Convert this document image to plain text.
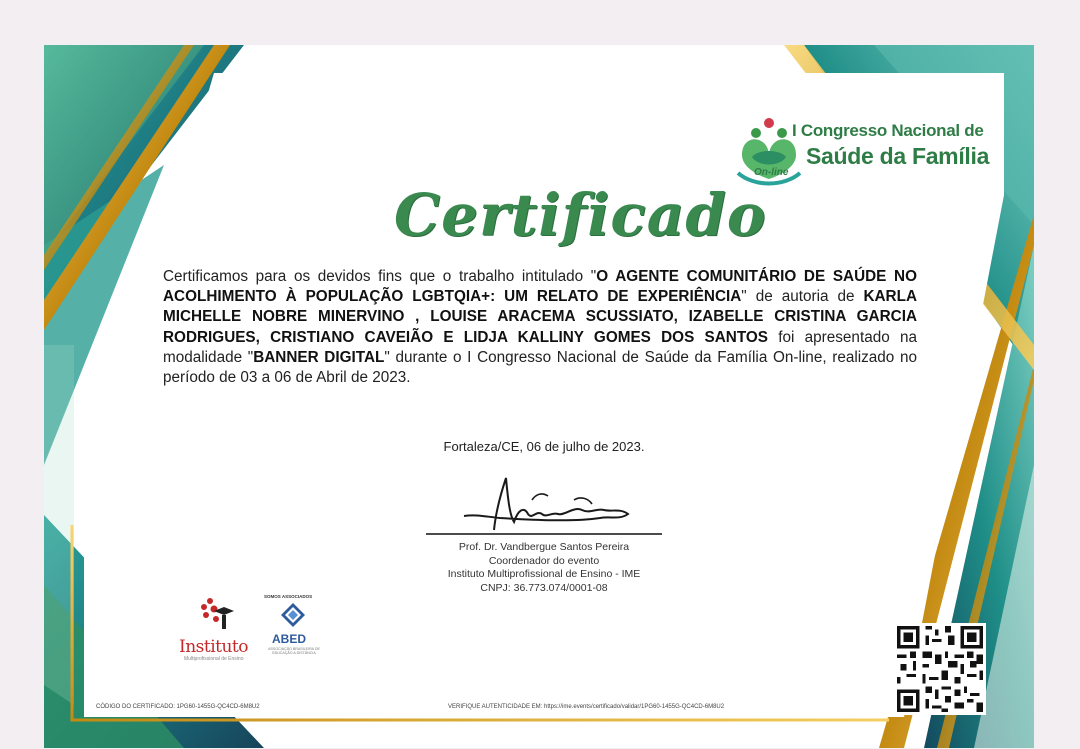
I Congresso Nacional de
Saúde da Família
On-line
Certificado
Certificamos para os devidos fins que o trabalho intitulado "O AGENTE COMUNITÁRIO DE SAÚDE NO ACOLHIMENTO À POPULAÇÃO LGBTQIA+: UM RELATO DE EXPERIÊNCIA" de autoria de KARLA MICHELLE NOBRE MINERVINO , LOUISE ARACEMA SCUSSIATO, IZABELLE CRISTINA GARCIA RODRIGUES, CRISTIANO CAVEIÃO E LIDJA KALLINY GOMES DOS SANTOS foi apresentado na modalidade "BANNER DIGITAL" durante o I Congresso Nacional de Saúde da Família On-line, realizado no período de 03 a 06 de Abril de 2023.
Fortaleza/CE, 06 de julho de 2023.
Prof. Dr. Vandbergue Santos Pereira
Coordenador do evento
Instituto Multiprofissional de Ensino - IME
CNPJ: 36.773.074/0001-08
Instituto
Multiprofissional de Ensino
SOMOS ASSOCIADOS
ABED
ASSOCIAÇÃO BRASILEIRA DE EDUCAÇÃO A DISTÂNCIA
CÓDIGO DO CERTIFICADO: 1PG60-1455G-QC4CD-6M8U2	VERIFIQUE AUTENTICIDADE EM: https://ime.events/certificado/validar/1PG60-1455G-QC4CD-6M8U2
